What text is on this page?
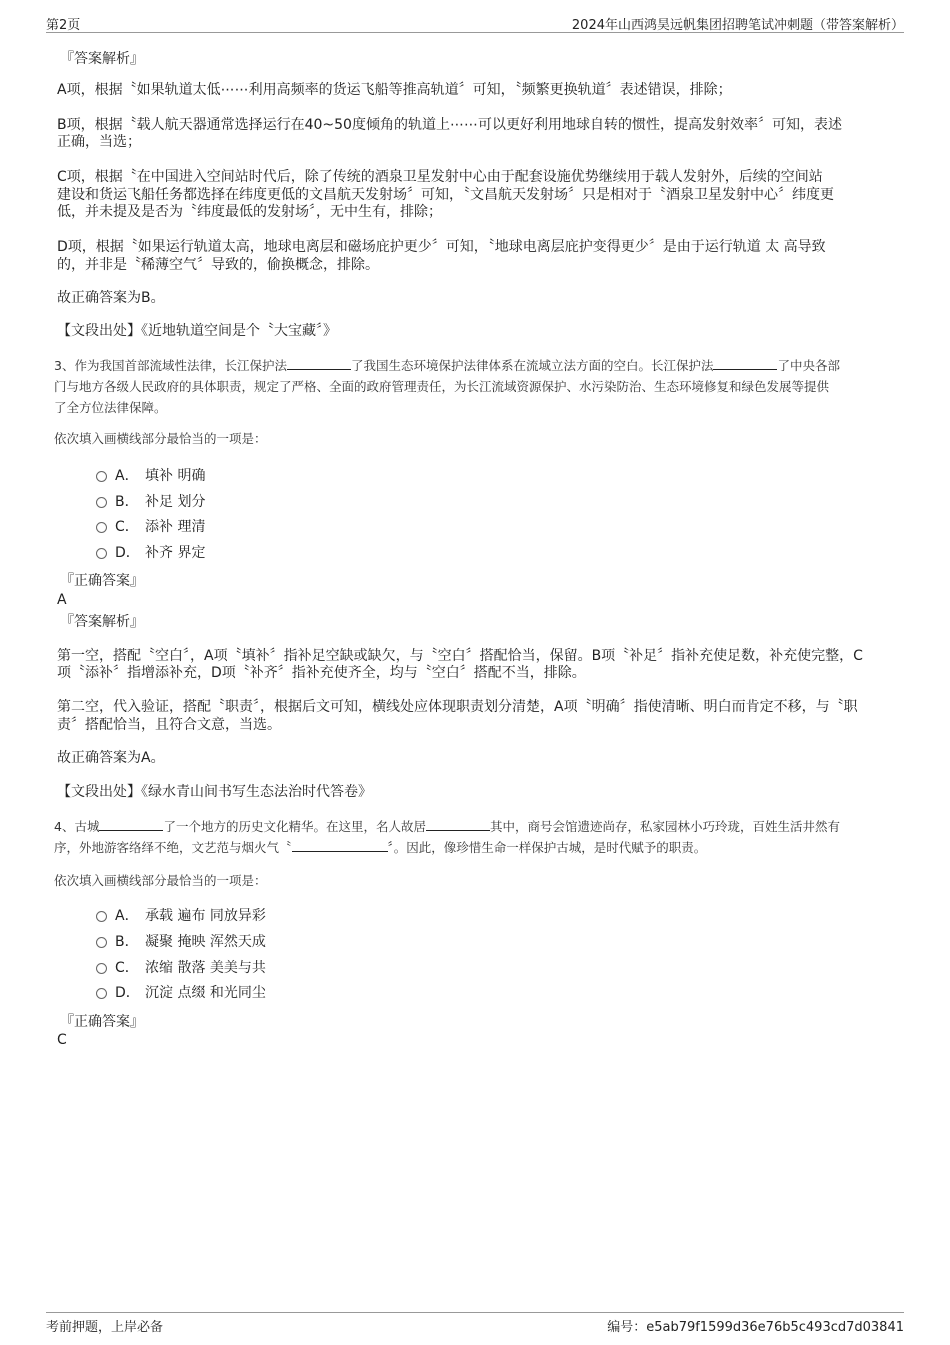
第2页	2024年山西鸿昊远帆集团招聘笔试冲刺题（带答案解析）
『答案解析』
A项，根据〝如果轨道太低⋯⋯利用高频率的货运飞船等推高轨道〞可知，〝频繁更换轨道〞表述错误，排除；
B项，根据〝载人航天器通常选择运行在40~50度倾角的轨道上⋯⋯可以更好利用地球自转的惯性，提高发射效率〞可知，表述
正确，当选；
C项，根据〝在中国进入空间站时代后，除了传统的酒泉卫星发射中心由于配套设施优势继续用于载人发射外，后续的空间站
建设和货运飞船任务都选择在纬度更低的文昌航天发射场〞可知，〝文昌航天发射场〞只是相对于〝酒泉卫星发射中心〞纬度更
低，并未提及是否为〝纬度最低的发射场〞，无中生有，排除；
D项，根据〝如果运行轨道太高，地球电离层和磁场庇护更少〞可知，〝地球电离层庇护变得更少〞是由于运行轨道 太 高导致
的，并非是〝稀薄空气〞导致的，偷换概念，排除。
故正确答案为B。
【文段出处】《近地轨道空间是个〝大宝藏〞》
3、作为我国首部流域性法律，长江保护法	了我国生态环境保护法律体系在流域立法方面的空白。长江保护法	了中央各部
门与地方各级人民政府的具体职责，规定了严格、全面的政府管理责任，为长江流域资源保护、水污染防治、生态环境修复和绿色发展等提供
了全方位法律保障。
依次填入画横线部分最恰当的一项是：
A． 填补 明确
B． 补足 划分
C． 添补 理清
D． 补齐 界定
『正确答案』
A
『答案解析』
第一空，搭配〝空白〞，A项〝填补〞指补足空缺或缺欠，与〝空白〞搭配恰当，保留。B项〝补足〞指补充使足数，补充使完整，C
项〝添补〞指增添补充，D项〝补齐〞指补充使齐全，均与〝空白〞搭配不当，排除。
第二空，代入验证，搭配〝职责〞，根据后文可知，横线处应体现职责划分清楚，A项〝明确〞指使清晰、明白而肯定不移，与〝职
责〞搭配恰当，且符合文意，当选。
故正确答案为A。
【文段出处】《绿水青山间书写生态法治时代答卷》
4、古城	了一个地方的历史文化精华。在这里，名人故居	其中，商号会馆遗迹尚存，私家园林小巧玲珑，百姓生活井然有
序，外地游客络绎不绝，文艺范与烟火气〝	〞。因此，像珍惜生命一样保护古城，是时代赋予的职责。
依次填入画横线部分最恰当的一项是：
A． 承载 遍布 同放异彩
B． 凝聚 掩映 浑然天成
C． 浓缩 散落 美美与共
D． 沉淀 点缀 和光同尘
『正确答案』
C
考前押题，上岸必备	编号：e5ab79f1599d36e76b5c493cd7d03841
